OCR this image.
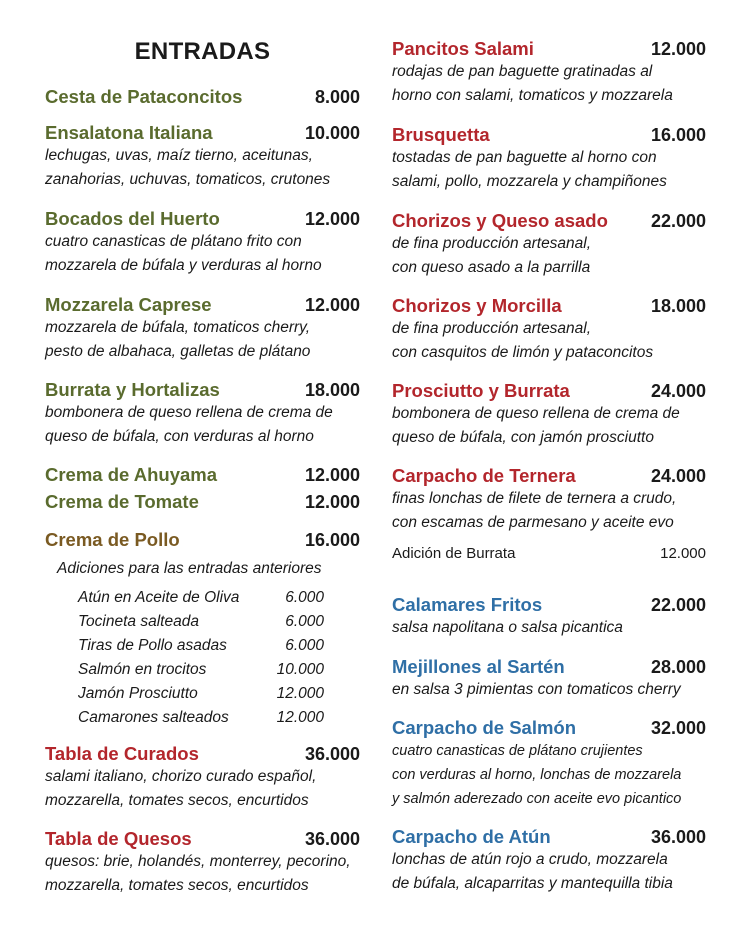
ENTRADAS
Cesta de Pataconcitos	8.000
Ensalatona Italiana	10.000
lechugas, uvas, maíz tierno, aceitunas,
zanahorias, uchuvas, tomaticos, crutones
Bocados del Huerto	12.000
cuatro canasticas de plátano frito con
mozzarela de búfala y verduras al horno
Mozzarela Caprese	12.000
mozzarela de búfala, tomaticos cherry,
pesto de albahaca, galletas de plátano
Burrata y Hortalizas	18.000
bombonera de queso rellena de crema de
queso de búfala, con verduras al horno
Crema de Ahuyama	12.000
Crema de Tomate	12.000
Crema de Pollo	16.000
Adiciones para las entradas anteriores
Atún en Aceite de Oliva	6.000
Tocineta salteada	6.000
Tiras de Pollo asadas	6.000
Salmón en trocitos	10.000
Jamón Prosciutto	12.000
Camarones salteados	12.000
Tabla de Curados	36.000
salami italiano, chorizo curado español,
mozzarella, tomates secos, encurtidos
Tabla de Quesos	36.000
quesos: brie, holandés, monterrey, pecorino,
mozzarella, tomates secos, encurtidos
Pancitos Salami	12.000
rodajas de pan baguette gratinadas al
horno con salami, tomaticos y mozzarela
Brusquetta	16.000
tostadas de pan baguette al horno con
salami, pollo, mozzarela y champiñones
Chorizos y Queso asado 22.000
de fina producción artesanal,
con queso asado a la parrilla
Chorizos y Morcilla	18.000
de fina producción artesanal,
con casquitos de limón y pataconcitos
Prosciutto y Burrata	24.000
bombonera de queso rellena de crema de
queso de búfala, con jamón prosciutto
Carpacho de Ternera	24.000
finas lonchas de filete de ternera a crudo,
con escamas de parmesano y aceite evo
Adición de Burrata	12.000
Calamares Fritos	22.000
salsa napolitana o salsa picantica
Mejillones al Sartén	28.000
en salsa 3 pimientas con tomaticos cherry
Carpacho de Salmón	32.000
cuatro canasticas de plátano crujientes
con verduras al horno, lonchas de mozzarela
y salmón aderezado con aceite evo picantico
Carpacho de Atún	36.000
lonchas de atún rojo a crudo, mozzarela
de búfala, alcaparritas y mantequilla tibia
